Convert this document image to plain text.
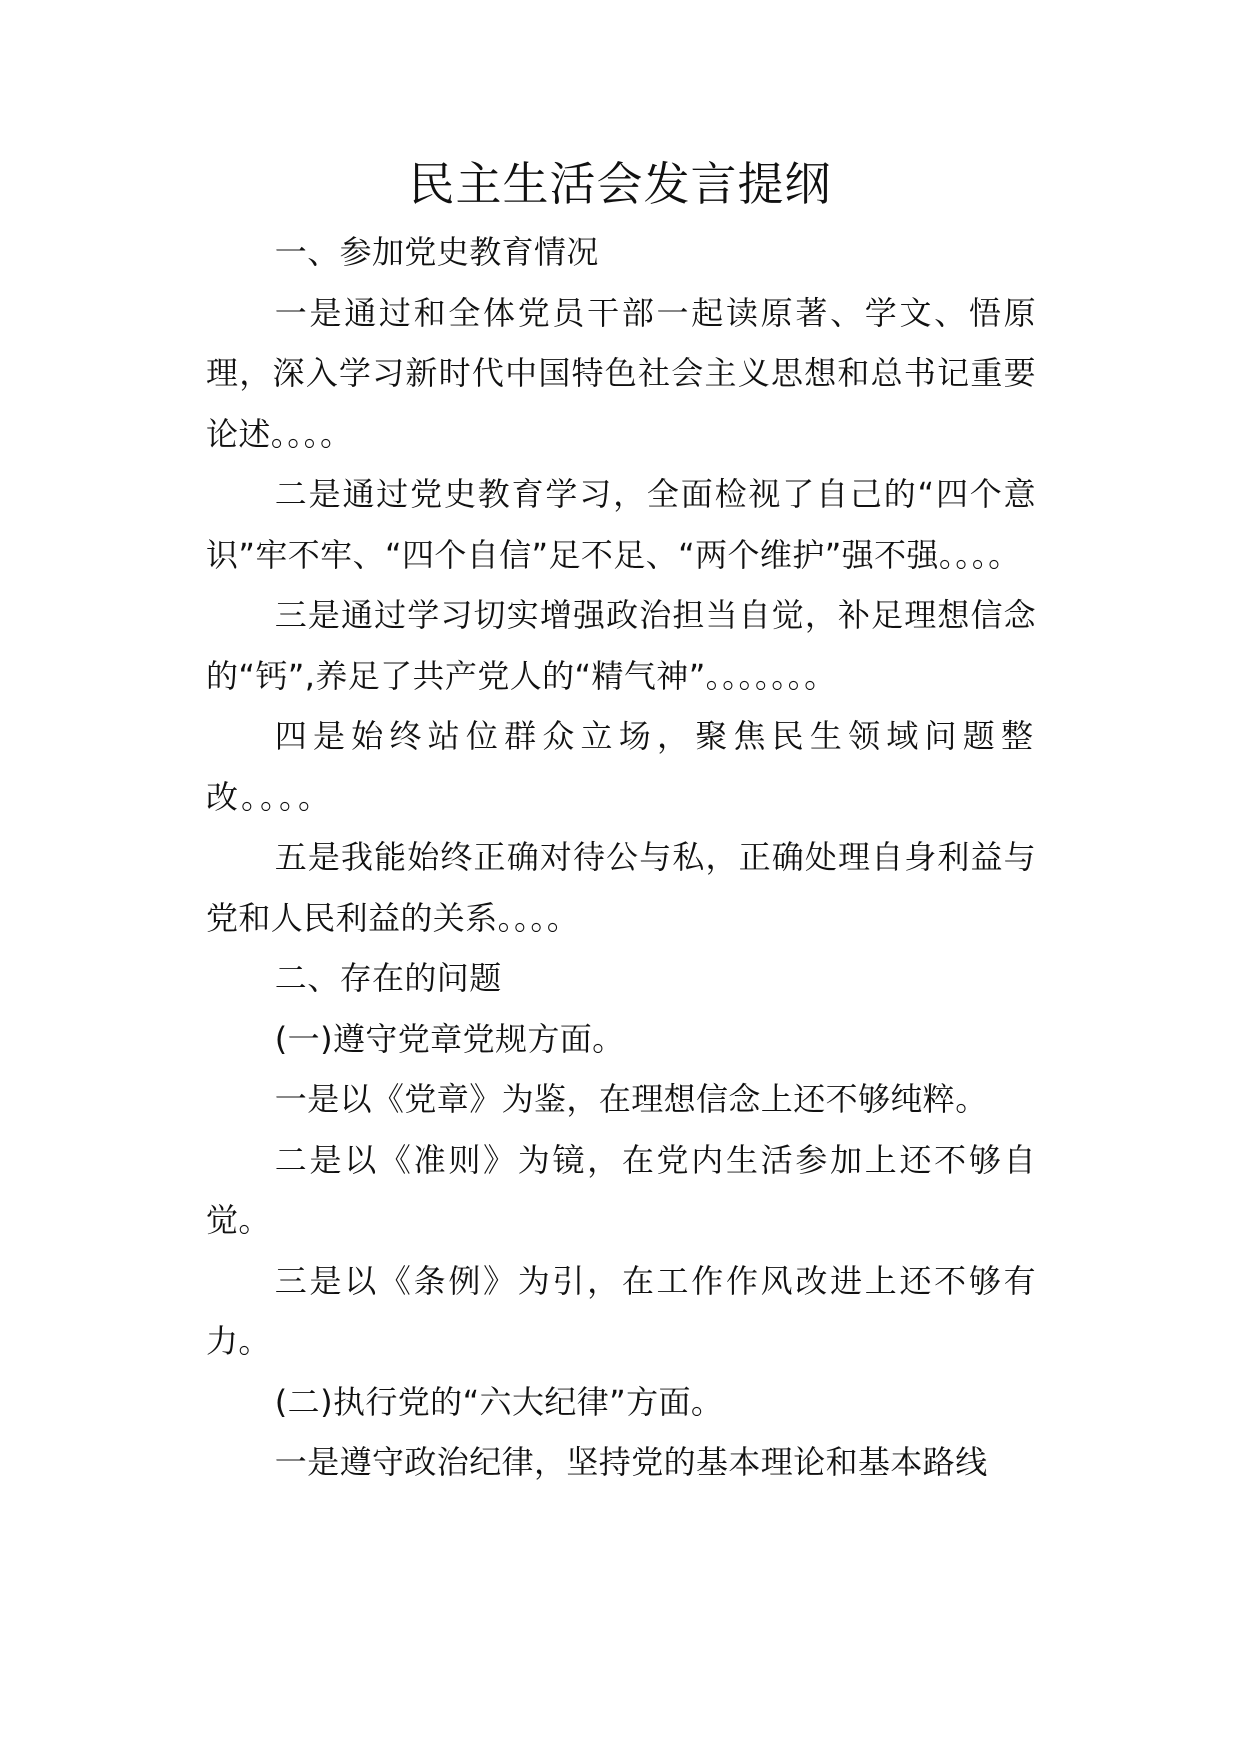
民主生活会发言提纲

一、参加党史教育情况

一是通过和全体党员干部一起读原著、学文、悟原理，深入学习新时代中国特色社会主义思想和总书记重要论述。。。。

二是通过党史教育学习，全面检视了自己的“四个意识”牢不牢、“四个自信”足不足、“两个维护”强不强。。。。

三是通过学习切实增强政治担当自觉，补足理想信念的“钙”,养足了共产党人的“精气神”。。。。。。。

四是始终站位群众立场，聚焦民生领域问题整改。。。。

五是我能始终正确对待公与私，正确处理自身利益与党和人民利益的关系。。。。

二、存在的问题

(一)遵守党章党规方面。

一是以《党章》为鉴，在理想信念上还不够纯粹。

二是以《准则》为镜，在党内生活参加上还不够自觉。

三是以《条例》为引，在工作作风改进上还不够有力。

(二)执行党的“六大纪律”方面。

一是遵守政治纪律，坚持党的基本理论和基本路线
